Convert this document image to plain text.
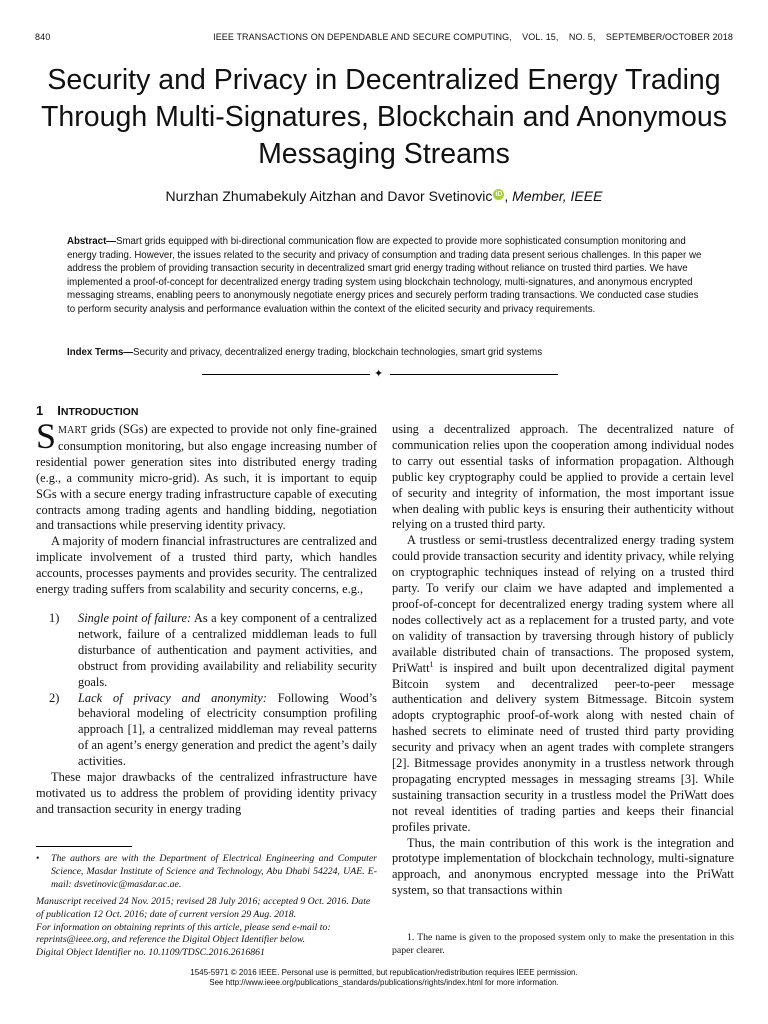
840	IEEE TRANSACTIONS ON DEPENDABLE AND SECURE COMPUTING,    VOL. 15,    NO. 5,    SEPTEMBER/OCTOBER 2018
Security and Privacy in Decentralized Energy Trading Through Multi-Signatures, Blockchain and Anonymous Messaging Streams
Nurzhan Zhumabekuly Aitzhan and Davor Svetinovic iD , Member, IEEE

Abstract—Smart grids equipped with bi-directional communication flow are expected to provide more sophisticated consumption monitoring and energy trading. However, the issues related to the security and privacy of consumption and trading data present serious challenges. In this paper we address the problem of providing transaction security in decentralized smart grid energy trading without reliance on trusted third parties. We have implemented a proof-of-concept for decentralized energy trading system using blockchain technology, multi-signatures, and anonymous encrypted messaging streams, enabling peers to anonymously negotiate energy prices and securely perform trading transactions. We conducted case studies to perform security analysis and performance evaluation within the context of the elicited security and privacy requirements.

Index Terms—Security and privacy, decentralized energy trading, blockchain technologies, smart grid systems

✦
1 INTRODUCTION

SMART grids (SGs) are expected to provide not only fine-grained consumption monitoring, but also engage increasing number of residential power generation sites into distributed energy trading (e.g., a community micro-grid). As such, it is important to equip SGs with a secure energy trading infrastructure capable of executing contracts among trading agents and handling bidding, negotiation and transactions while preserving identity privacy.

A majority of modern financial infrastructures are centralized and implicate involvement of a trusted third party, which handles accounts, processes payments and provides security. The centralized energy trading suffers from scalability and security concerns, e.g.,

1) Single point of failure: As a key component of a centralized network, failure of a centralized middleman leads to full disturbance of authentication and payment activities, and obstruct from providing availability and reliability security goals.
2) Lack of privacy and anonymity: Following Wood’s behavioral modeling of electricity consumption profiling approach [1], a centralized middleman may reveal patterns of an agent’s energy generation and predict the agent’s daily activities.

These major drawbacks of the centralized infrastructure have motivated us to address the problem of providing identity privacy and transaction security in energy trading

using a decentralized approach. The decentralized nature of communication relies upon the cooperation among individual nodes to carry out essential tasks of information propagation. Although public key cryptography could be applied to provide a certain level of security and integrity of information, the most important issue when dealing with public keys is ensuring their authenticity without relying on a trusted third party.

A trustless or semi-trustless decentralized energy trading system could provide transaction security and identity privacy, while relying on cryptographic techniques instead of relying on a trusted third party. To verify our claim we have adapted and implemented a proof-of-concept for decentralized energy trading system where all nodes collectively act as a replacement for a trusted party, and vote on validity of transaction by traversing through history of publicly available distributed chain of transactions. The proposed system, PriWatt$^1$ is inspired and built upon decentralized digital payment Bitcoin system and decentralized peer-to-peer message authentication and delivery system Bitmessage. Bitcoin system adopts cryptographic proof-of-work along with nested chain of hashed secrets to eliminate need of trusted third party providing security and privacy when an agent trades with complete strangers [2]. Bitmessage provides anonymity in a trustless network through propagating encrypted messages in messaging streams [3]. While sustaining transaction security in a trustless model the PriWatt does not reveal identities of trading parties and keeps their financial profiles private.

Thus, the main contribution of this work is the integration and prototype implementation of blockchain technology, multi-signature approach, and anonymous encrypted message into the PriWatt system, so that transactions within

•	The authors are with the Department of Electrical Engineering and Computer Science, Masdar Institute of Science and Technology, Abu Dhabi 54224, UAE. E-mail: dsvetinovic@masdar.ac.ae.

Manuscript received 24 Nov. 2015; revised 28 July 2016; accepted 9 Oct. 2016. Date of publication 12 Oct. 2016; date of current version 29 Aug. 2018.
For information on obtaining reprints of this article, please send e-mail to: reprints@ieee.org, and reference the Digital Object Identifier below.
Digital Object Identifier no. 10.1109/TDSC.2016.2616861

1. The name is given to the proposed system only to make the presentation in this paper clearer.

1545-5971 © 2016 IEEE. Personal use is permitted, but republication/redistribution requires IEEE permission.
See http://www.ieee.org/publications_standards/publications/rights/index.html for more information.
